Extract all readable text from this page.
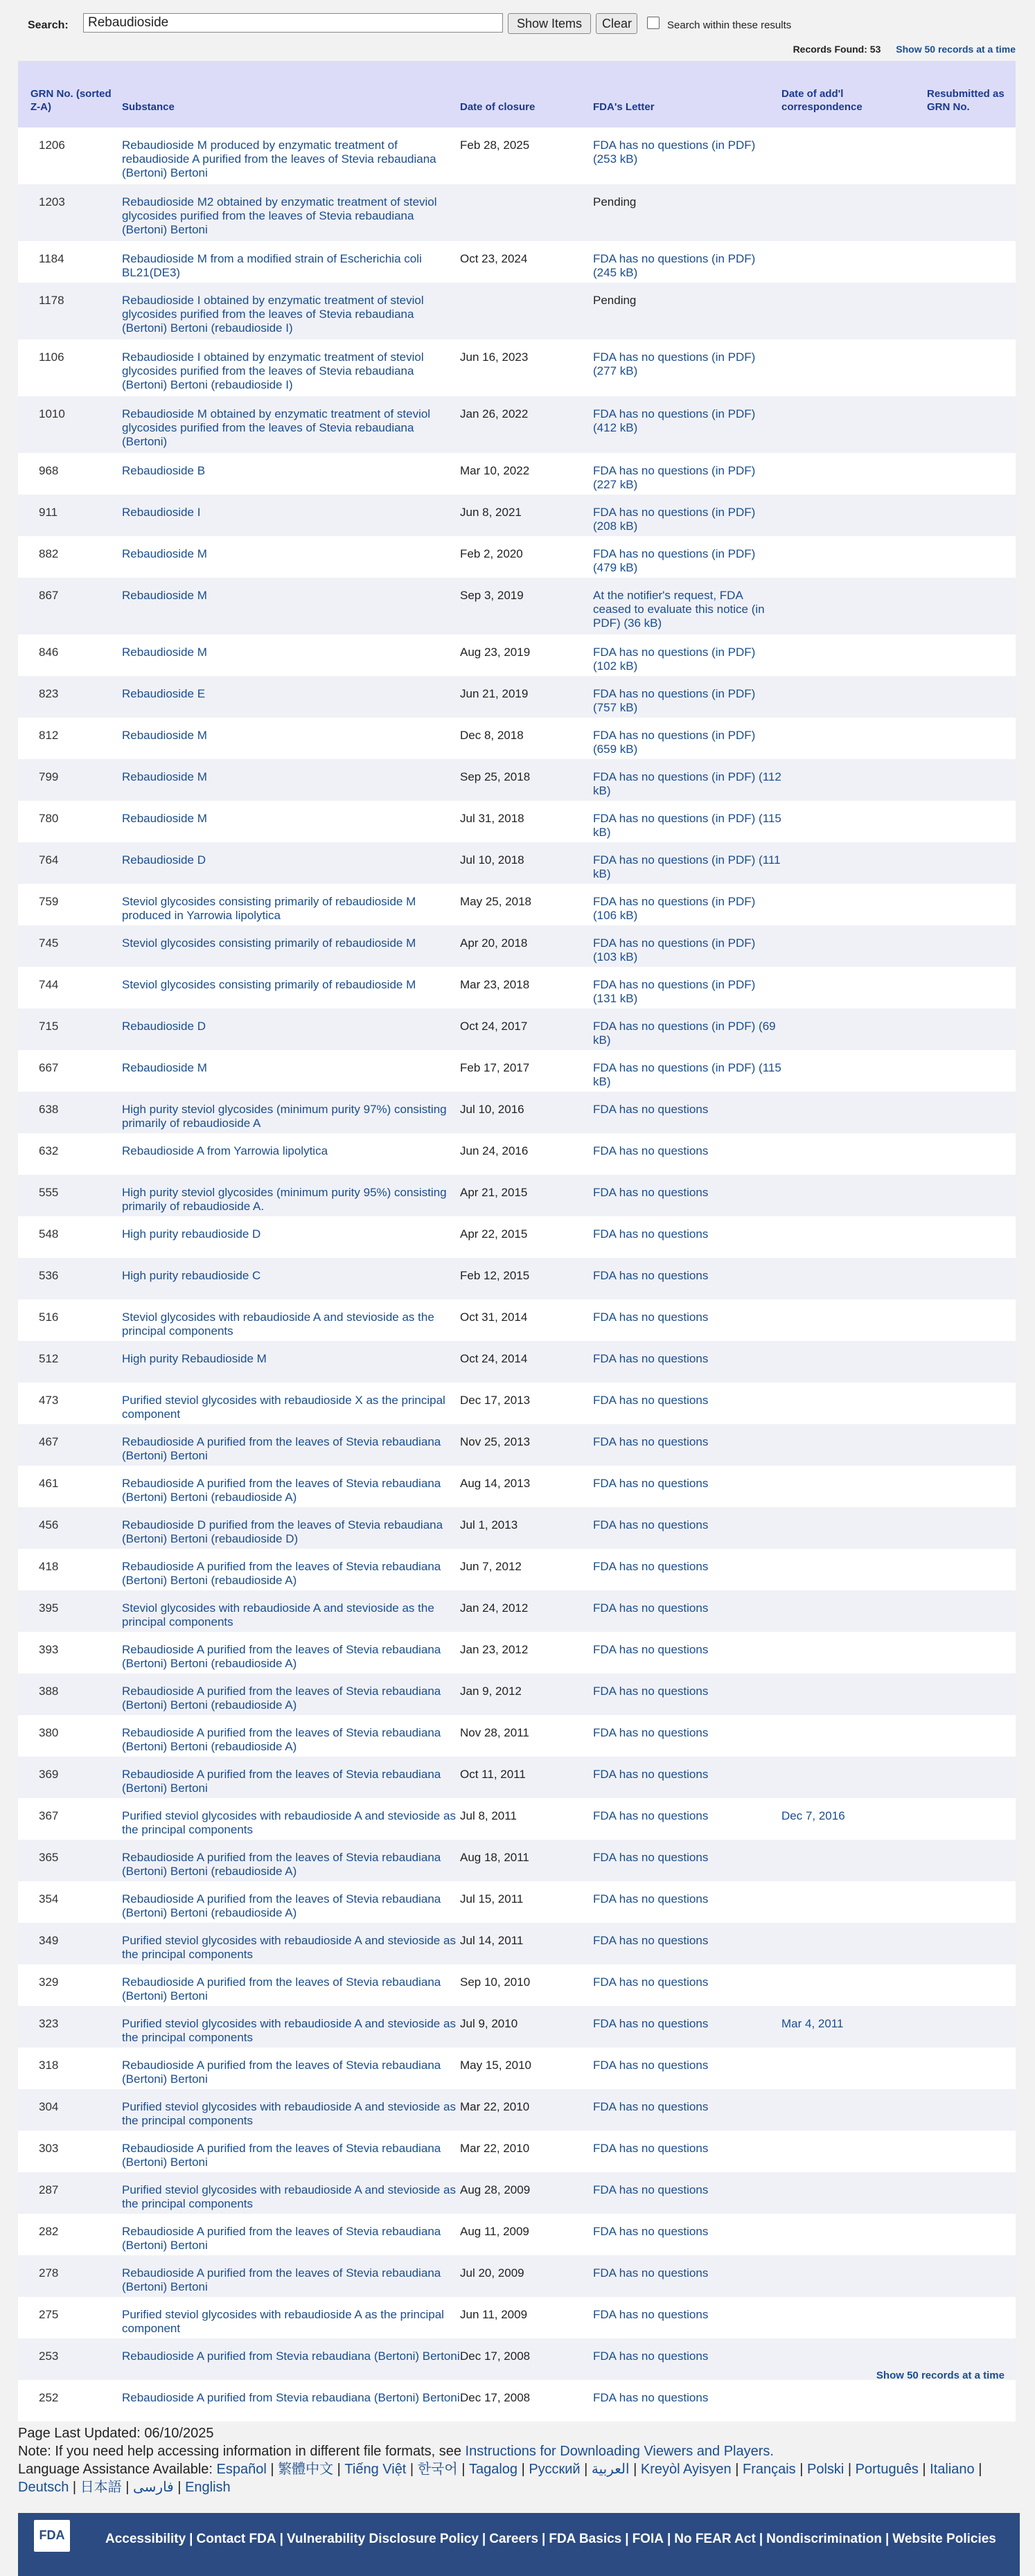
Search:
Rebaudioside	Show Items	Clear	Search within these results
Records Found: 53 Show 50 records at a time
GRN No. (sorted Z-A)	Substance	Date of closure	FDA's Letter	Date of add'l correspondence	Resubmitted as GRN No.
1206	Rebaudioside M produced by enzymatic treatment of rebaudioside A purified from the leaves of Stevia rebaudiana (Bertoni) Bertoni	Feb 28, 2025	FDA has no questions (in PDF) (253 kB)		
1203	Rebaudioside M2 obtained by enzymatic treatment of steviol glycosides purified from the leaves of Stevia rebaudiana (Bertoni) Bertoni		Pending		
1184	Rebaudioside M from a modified strain of Escherichia coli BL21(DE3)	Oct 23, 2024	FDA has no questions (in PDF) (245 kB)		
1178	Rebaudioside I obtained by enzymatic treatment of steviol glycosides purified from the leaves of Stevia rebaudiana (Bertoni) Bertoni (rebaudioside I)		Pending		
1106	Rebaudioside I obtained by enzymatic treatment of steviol glycosides purified from the leaves of Stevia rebaudiana (Bertoni) Bertoni (rebaudioside I)	Jun 16, 2023	FDA has no questions (in PDF) (277 kB)		
1010	Rebaudioside M obtained by enzymatic treatment of steviol glycosides purified from the leaves of Stevia rebaudiana (Bertoni)	Jan 26, 2022	FDA has no questions (in PDF) (412 kB)		
968	Rebaudioside B	Mar 10, 2022	FDA has no questions (in PDF) (227 kB)		
911	Rebaudioside I	Jun 8, 2021	FDA has no questions (in PDF) (208 kB)		
882	Rebaudioside M	Feb 2, 2020	FDA has no questions (in PDF) (479 kB)		
867	Rebaudioside M	Sep 3, 2019	At the notifier's request, FDA ceased to evaluate this notice (in PDF) (36 kB)		
846	Rebaudioside M	Aug 23, 2019	FDA has no questions (in PDF) (102 kB)		
823	Rebaudioside E	Jun 21, 2019	FDA has no questions (in PDF) (757 kB)		
812	Rebaudioside M	Dec 8, 2018	FDA has no questions (in PDF) (659 kB)		
799	Rebaudioside M	Sep 25, 2018	FDA has no questions (in PDF) (112 kB)		
780	Rebaudioside M	Jul 31, 2018	FDA has no questions (in PDF) (115 kB)		
764	Rebaudioside D	Jul 10, 2018	FDA has no questions (in PDF) (111 kB)		
759	Steviol glycosides consisting primarily of rebaudioside M produced in Yarrowia lipolytica	May 25, 2018	FDA has no questions (in PDF) (106 kB)		
745	Steviol glycosides consisting primarily of rebaudioside M	Apr 20, 2018	FDA has no questions (in PDF) (103 kB)		
744	Steviol glycosides consisting primarily of rebaudioside M	Mar 23, 2018	FDA has no questions (in PDF) (131 kB)		
715	Rebaudioside D	Oct 24, 2017	FDA has no questions (in PDF) (69 kB)		
667	Rebaudioside M	Feb 17, 2017	FDA has no questions (in PDF) (115 kB)		
638	High purity steviol glycosides (minimum purity 97%) consisting primarily of rebaudioside A	Jul 10, 2016	FDA has no questions		
632	Rebaudioside A from Yarrowia lipolytica	Jun 24, 2016	FDA has no questions		
555	High purity steviol glycosides (minimum purity 95%) consisting primarily of rebaudioside A.	Apr 21, 2015	FDA has no questions		
548	High purity rebaudioside D	Apr 22, 2015	FDA has no questions		
536	High purity rebaudioside C	Feb 12, 2015	FDA has no questions		
516	Steviol glycosides with rebaudioside A and stevioside as the principal components	Oct 31, 2014	FDA has no questions		
512	High purity Rebaudioside M	Oct 24, 2014	FDA has no questions		
473	Purified steviol glycosides with rebaudioside X as the principal component	Dec 17, 2013	FDA has no questions		
467	Rebaudioside A purified from the leaves of Stevia rebaudiana (Bertoni) Bertoni	Nov 25, 2013	FDA has no questions		
461	Rebaudioside A purified from the leaves of Stevia rebaudiana (Bertoni) Bertoni (rebaudioside A)	Aug 14, 2013	FDA has no questions		
456	Rebaudioside D purified from the leaves of Stevia rebaudiana (Bertoni) Bertoni (rebaudioside D)	Jul 1, 2013	FDA has no questions		
418	Rebaudioside A purified from the leaves of Stevia rebaudiana (Bertoni) Bertoni (rebaudioside A)	Jun 7, 2012	FDA has no questions		
395	Steviol glycosides with rebaudioside A and stevioside as the principal components	Jan 24, 2012	FDA has no questions		
393	Rebaudioside A purified from the leaves of Stevia rebaudiana (Bertoni) Bertoni (rebaudioside A)	Jan 23, 2012	FDA has no questions		
388	Rebaudioside A purified from the leaves of Stevia rebaudiana (Bertoni) Bertoni (rebaudioside A)	Jan 9, 2012	FDA has no questions		
380	Rebaudioside A purified from the leaves of Stevia rebaudiana (Bertoni) Bertoni (rebaudioside A)	Nov 28, 2011	FDA has no questions		
369	Rebaudioside A purified from the leaves of Stevia rebaudiana (Bertoni) Bertoni	Oct 11, 2011	FDA has no questions		
367	Purified steviol glycosides with rebaudioside A and stevioside as the principal components	Jul 8, 2011	FDA has no questions	Dec 7, 2016	
365	Rebaudioside A purified from the leaves of Stevia rebaudiana (Bertoni) Bertoni (rebaudioside A)	Aug 18, 2011	FDA has no questions		
354	Rebaudioside A purified from the leaves of Stevia rebaudiana (Bertoni) Bertoni (rebaudioside A)	Jul 15, 2011	FDA has no questions		
349	Purified steviol glycosides with rebaudioside A and stevioside as the principal components	Jul 14, 2011	FDA has no questions		
329	Rebaudioside A purified from the leaves of Stevia rebaudiana (Bertoni) Bertoni	Sep 10, 2010	FDA has no questions		
323	Purified steviol glycosides with rebaudioside A and stevioside as the principal components	Jul 9, 2010	FDA has no questions	Mar 4, 2011	
318	Rebaudioside A purified from the leaves of Stevia rebaudiana (Bertoni) Bertoni	May 15, 2010	FDA has no questions		
304	Purified steviol glycosides with rebaudioside A and stevioside as the principal components	Mar 22, 2010	FDA has no questions		
303	Rebaudioside A purified from the leaves of Stevia rebaudiana (Bertoni) Bertoni	Mar 22, 2010	FDA has no questions		
287	Purified steviol glycosides with rebaudioside A and stevioside as the principal components	Aug 28, 2009	FDA has no questions		
282	Rebaudioside A purified from the leaves of Stevia rebaudiana (Bertoni) Bertoni	Aug 11, 2009	FDA has no questions		
278	Rebaudioside A purified from the leaves of Stevia rebaudiana (Bertoni) Bertoni	Jul 20, 2009	FDA has no questions		
275	Purified steviol glycosides with rebaudioside A as the principal component	Jun 11, 2009	FDA has no questions		
253	Rebaudioside A purified from Stevia rebaudiana (Bertoni) Bertoni	Dec 17, 2008	FDA has no questions		
252	Rebaudioside A purified from Stevia rebaudiana (Bertoni) Bertoni	Dec 17, 2008	FDA has no questions		
Show 50 records at a time
Page Last Updated: 06/10/2025
Note: If you need help accessing information in different file formats, see Instructions for Downloading Viewers and Players.
Language Assistance Available: Español | 繁體中文 | Tiếng Việt | 한국어 | Tagalog | Русский | العربية | Kreyòl Ayisyen | Français | Polski | Português | Italiano | Deutsch | 日本語 | فارسی | English
FDA	Accessibility | Contact FDA | Vulnerability Disclosure Policy | Careers | FDA Basics | FOIA | No FEAR Act | Nondiscrimination | Website Policies
